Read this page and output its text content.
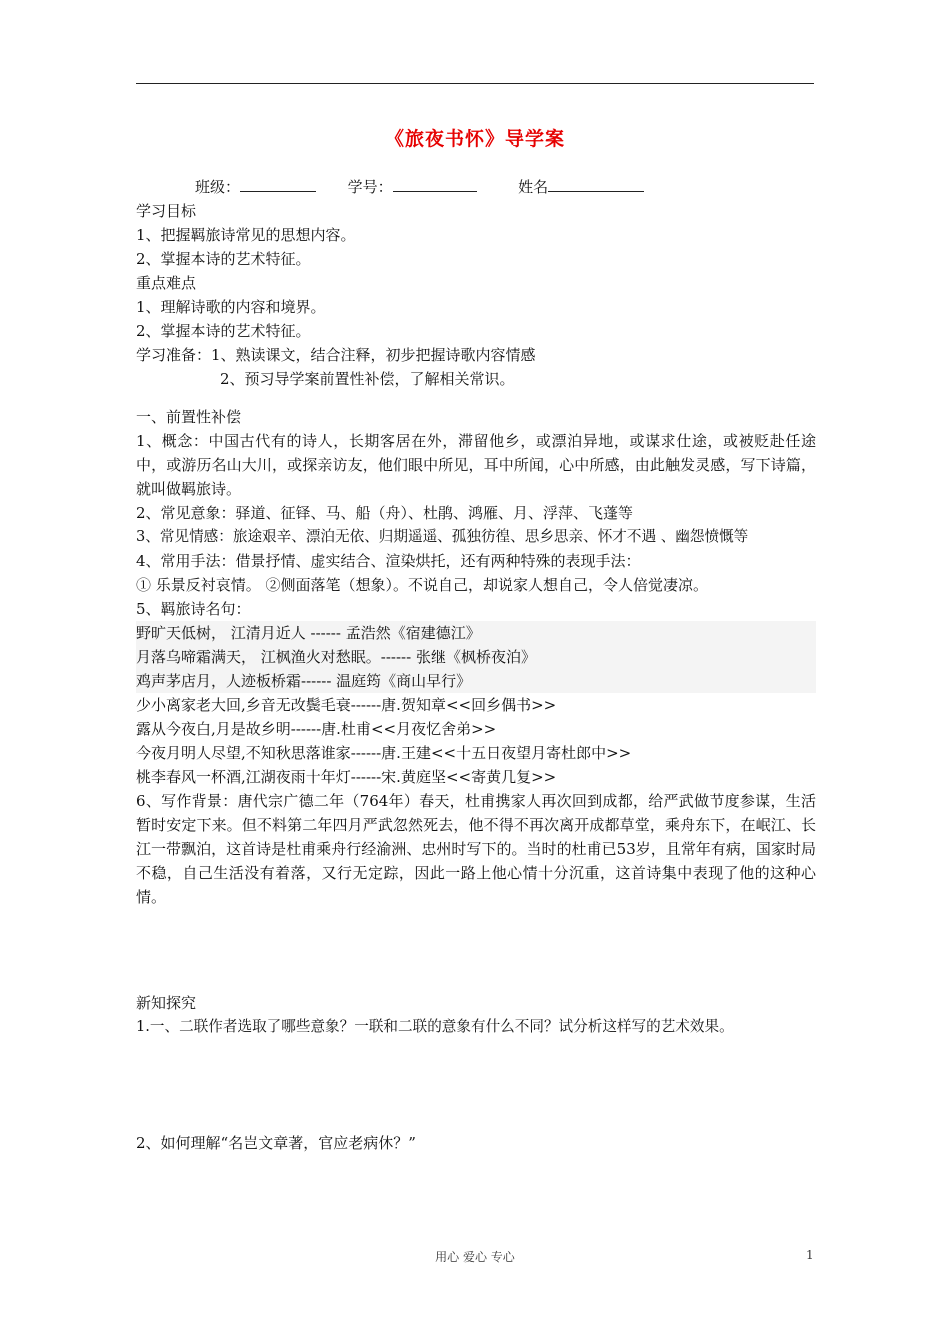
《旅夜书怀》导学案
班级：	学号：	姓名
学习目标
1、把握羁旅诗常见的思想内容。
2、掌握本诗的艺术特征。
重点难点
1、理解诗歌的内容和境界。
2、掌握本诗的艺术特征。
学习准备：1、熟读课文，结合注释，初步把握诗歌内容情感
2、预习导学案前置性补偿，了解相关常识。
一、前置性补偿
1、概念：中国古代有的诗人，长期客居在外，滞留他乡，或漂泊异地，或谋求仕途，或被贬赴任途中，或游历名山大川，或探亲访友，他们眼中所见，耳中所闻，心中所感，由此触发灵感，写下诗篇，就叫做羁旅诗。
2、常见意象：驿道、征铎、马、船（舟）、杜鹃、鸿雁、月、浮萍、飞蓬等
3、常见情感：旅途艰辛、漂泊无依、归期遥遥、孤独彷徨、思乡思亲、怀才不遇 、幽怨愤慨等
4、常用手法：借景抒情、虚实结合、渲染烘托，还有两种特殊的表现手法：
① 乐景反衬哀情。 ②侧面落笔（想象）。不说自己，却说家人想自己，令人倍觉凄凉。
5、羁旅诗名句：
野旷天低树， 江清月近人 ------ 孟浩然《宿建德江》
月落乌啼霜满天， 江枫渔火对愁眠。------ 张继《枫桥夜泊》
鸡声茅店月，人迹板桥霜------ 温庭筠《商山早行》
少小离家老大回,乡音无改鬓毛衰------唐.贺知章<<回乡偶书>>
露从今夜白,月是故乡明------唐.杜甫<<月夜忆舍弟>>
今夜月明人尽望,不知秋思落谁家------唐.王建<<十五日夜望月寄杜郎中>>
桃李春风一杯酒,江湖夜雨十年灯------宋.黄庭坚<<寄黄几复>>
6、写作背景：唐代宗广德二年（764年）春天，杜甫携家人再次回到成都，给严武做节度参谋，生活暂时安定下来。但不料第二年四月严武忽然死去，他不得不再次离开成都草堂，乘舟东下，在岷江、长江一带飘泊，这首诗是杜甫乘舟行经渝洲、忠州时写下的。当时的杜甫已53岁，且常年有病，国家时局不稳，自己生活没有着落，又行无定踪，因此一路上他心情十分沉重，这首诗集中表现了他的这种心情。
新知探究
1.一、二联作者选取了哪些意象？一联和二联的意象有什么不同？试分析这样写的艺术效果。
2、如何理解“名岂文章著，官应老病休？”
用心 爱心 专心	1
